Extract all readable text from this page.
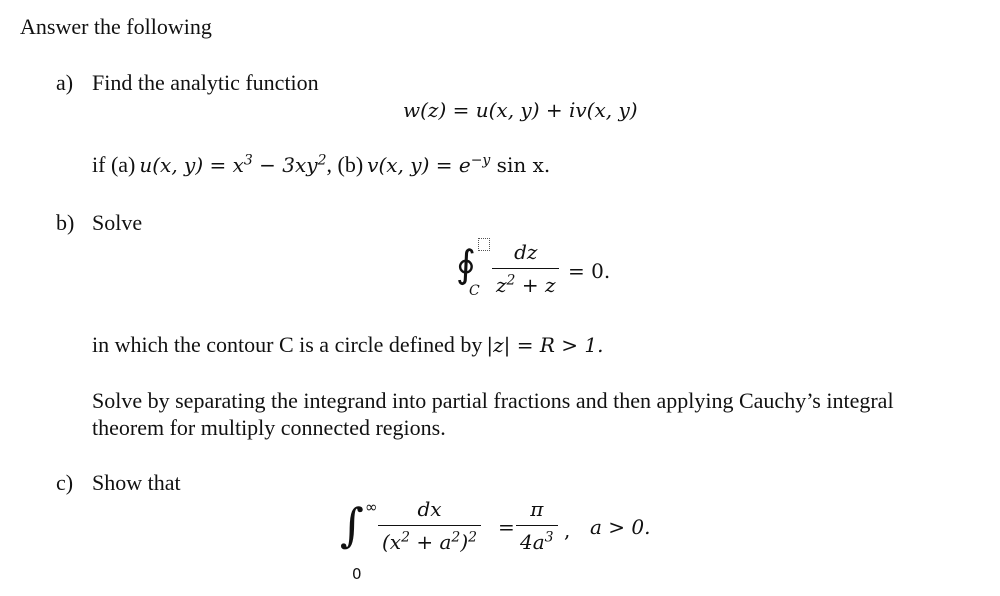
Answer the following
a) Find the analytic function
w(z) = u(x, y) + iv(x, y)
if (a) u(x, $y) = x^3 - 3xy^2$, (b) v(x, $y) = e^{-y}$ sin x.
b) Solve
∮
C $\frac{dz}{z^2 + z} = 0$.
in which the contour C is a circle defined by |z| = R > 1.
Solve by separating the integrand into partial fractions and then applying Cauchy’s integral
theorem for multiply connected regions.
c) Show that
∫ ∞
0
$\frac{dx}{(x^2 + a^2)^2} = \frac{\pi}{4a^3}$ , a > 0.
